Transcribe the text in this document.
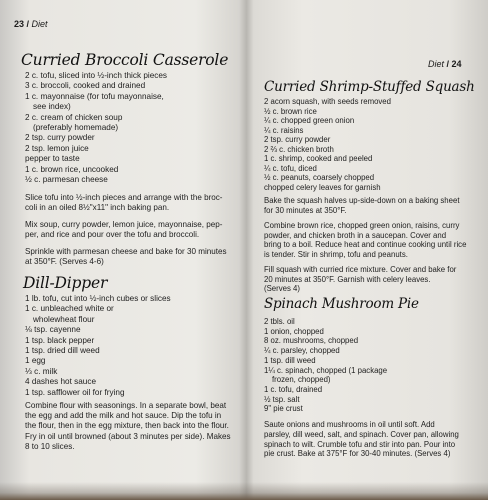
23 / Diet
Curried Broccoli Casserole
2 c. tofu, sliced into ½-inch thick pieces
3 c. broccoli, cooked and drained
1 c. mayonnaise (for tofu mayonnaise,
see index)
2 c. cream of chicken soup
(preferably homemade)
2 tsp. curry powder
2 tsp. lemon juice
pepper to taste
1 c. brown rice, uncooked
½ c. parmesan cheese
Slice tofu into ½-inch pieces and arrange with the broc-
coli in an oiled 8½"x11" inch baking pan.
Mix soup, curry powder, lemon juice, mayonnaise, pep-
per, and rice and pour over the tofu and broccoli.
Sprinkle with parmesan cheese and bake for 30 minutes
at 350°F. (Serves 4-6)
Dill-Dipper
1 lb. tofu, cut into ½-inch cubes or slices
1 c. unbleached white or
wholewheat flour
⅛ tsp. cayenne
1 tsp. black pepper
1 tsp. dried dill weed
1 egg
⅓ c. milk
4 dashes hot sauce
1 tsp. safflower oil for frying
Combine flour with seasonings. In a separate bowl, beat
the egg and add the milk and hot sauce. Dip the tofu in
the flour, then in the egg mixture, then back into the flour.
Fry in oil until browned (about 3 minutes per side). Makes
8 to 10 slices.
Diet / 24
Curried Shrimp-Stuffed Squash
2 acorn squash, with seeds removed
½ c. brown rice
¼ c. chopped green onion
¼ c. raisins
2 tsp. curry powder
2 ⅔ c. chicken broth
1 c. shrimp, cooked and peeled
¼ c. tofu, diced
½ c. peanuts, coarsely chopped
chopped celery leaves for garnish
Bake the squash halves up-side-down on a baking sheet
for 30 minutes at 350°F.
Combine brown rice, chopped green onion, raisins, curry
powder, and chicken broth in a saucepan. Cover and
bring to a boil. Reduce heat and continue cooking until rice
is tender. Stir in shrimp, tofu and peanuts.
Fill squash with curried rice mixture. Cover and bake for
20 minutes at 350°F. Garnish with celery leaves.
(Serves 4)
Spinach Mushroom Pie
2 tbls. oil
1 onion, chopped
8 oz. mushrooms, chopped
¼ c. parsley, chopped
1 tsp. dill weed
1¼ c. spinach, chopped (1 package
frozen, chopped)
1 c. tofu, drained
½ tsp. salt
9" pie crust
Saute onions and mushrooms in oil until soft. Add
parsley, dill weed, salt, and spinach. Cover pan, allowing
spinach to wilt. Crumble tofu and stir into pan. Pour into
pie crust. Bake at 375°F for 30-40 minutes. (Serves 4)
